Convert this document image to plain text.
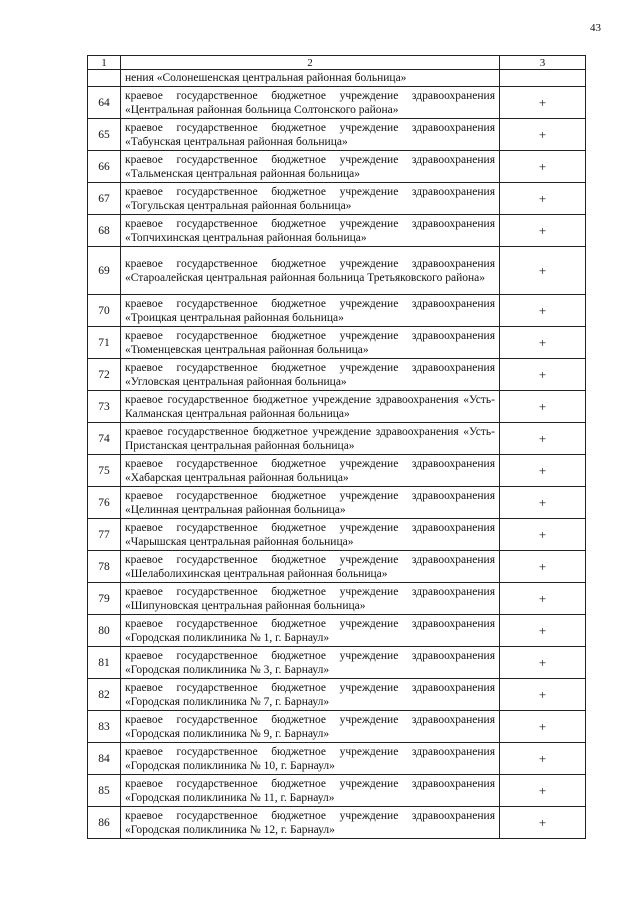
43
1	2	3
	нения «Солонешенская центральная районная больница»	
64	краевое государственное бюджетное учреждение здравоохранения «Центральная районная больница Солтонского района»	+
65	краевое государственное бюджетное учреждение здравоохранения «Табунская центральная районная больница»	+
66	краевое государственное бюджетное учреждение здравоохранения «Тальменская центральная районная больница»	+
67	краевое государственное бюджетное учреждение здравоохранения «Тогульская центральная районная больница»	+
68	краевое государственное бюджетное учреждение здравоохранения «Топчихинская центральная районная больница»	+
69	краевое государственное бюджетное учреждение здравоохранения «Староалейская центральная районная больница Третьяковского района»	+
70	краевое государственное бюджетное учреждение здравоохранения «Троицкая центральная районная больница»	+
71	краевое государственное бюджетное учреждение здравоохранения «Тюменцевская центральная районная больница»	+
72	краевое государственное бюджетное учреждение здравоохранения «Угловская центральная районная больница»	+
73	краевое государственное бюджетное учреждение здравоохранения «Усть-Калманская центральная районная больница»	+
74	краевое государственное бюджетное учреждение здравоохранения «Усть-Пристанская центральная районная больница»	+
75	краевое государственное бюджетное учреждение здравоохранения «Хабарская центральная районная больница»	+
76	краевое государственное бюджетное учреждение здравоохранения «Целинная центральная районная больница»	+
77	краевое государственное бюджетное учреждение здравоохранения «Чарышская центральная районная больница»	+
78	краевое государственное бюджетное учреждение здравоохранения «Шелаболихинская центральная районная больница»	+
79	краевое государственное бюджетное учреждение здравоохранения «Шипуновская центральная районная больница»	+
80	краевое государственное бюджетное учреждение здравоохранения «Городская поликлиника № 1, г. Барнаул»	+
81	краевое государственное бюджетное учреждение здравоохранения «Городская поликлиника № 3, г. Барнаул»	+
82	краевое государственное бюджетное учреждение здравоохранения «Городская поликлиника № 7, г. Барнаул»	+
83	краевое государственное бюджетное учреждение здравоохранения «Городская поликлиника № 9, г. Барнаул»	+
84	краевое государственное бюджетное учреждение здравоохранения «Городская поликлиника № 10, г. Барнаул»	+
85	краевое государственное бюджетное учреждение здравоохранения «Городская поликлиника № 11, г. Барнаул»	+
86	краевое государственное бюджетное учреждение здравоохранения «Городская поликлиника № 12, г. Барнаул»	+
